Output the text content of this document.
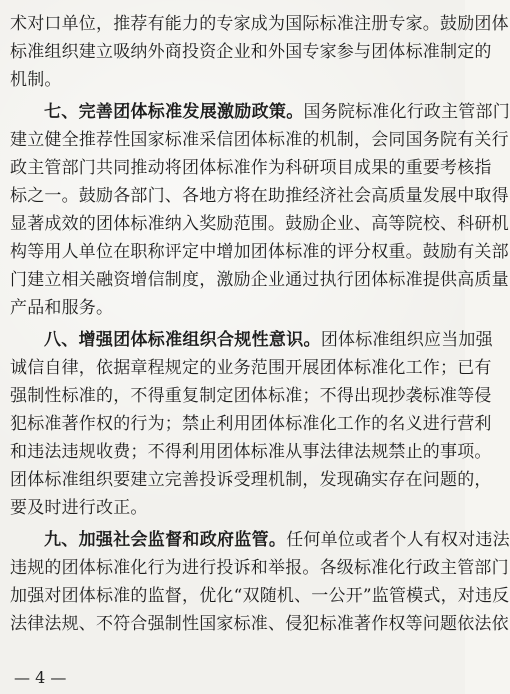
术对口单位，推荐有能力的专家成为国际标准注册专家。鼓励团体
标准组织建立吸纳外商投资企业和外国专家参与团体标准制定的
机制。
七、完善团体标准发展激励政策。国务院标准化行政主管部门
建立健全推荐性国家标准采信团体标准的机制，会同国务院有关行
政主管部门共同推动将团体标准作为科研项目成果的重要考核指
标之一。鼓励各部门、各地方将在助推经济社会高质量发展中取得
显著成效的团体标准纳入奖励范围。鼓励企业、高等院校、科研机
构等用人单位在职称评定中增加团体标准的评分权重。鼓励有关部
门建立相关融资增信制度，激励企业通过执行团体标准提供高质量
产品和服务。
八、增强团体标准组织合规性意识。团体标准组织应当加强
诚信自律，依据章程规定的业务范围开展团体标准化工作；已有
强制性标准的，不得重复制定团体标准；不得出现抄袭标准等侵
犯标准著作权的行为；禁止利用团体标准化工作的名义进行营利
和违法违规收费；不得利用团体标准从事法律法规禁止的事项。
团体标准组织要建立完善投诉受理机制，发现确实存在问题的，
要及时进行改正。
九、加强社会监督和政府监管。任何单位或者个人有权对违法
违规的团体标准化行为进行投诉和举报。各级标准化行政主管部门
加强对团体标准的监督，优化“双随机、一公开”监管模式，对违反
法律法规、不符合强制性国家标准、侵犯标准著作权等问题依法依
— 4 —
